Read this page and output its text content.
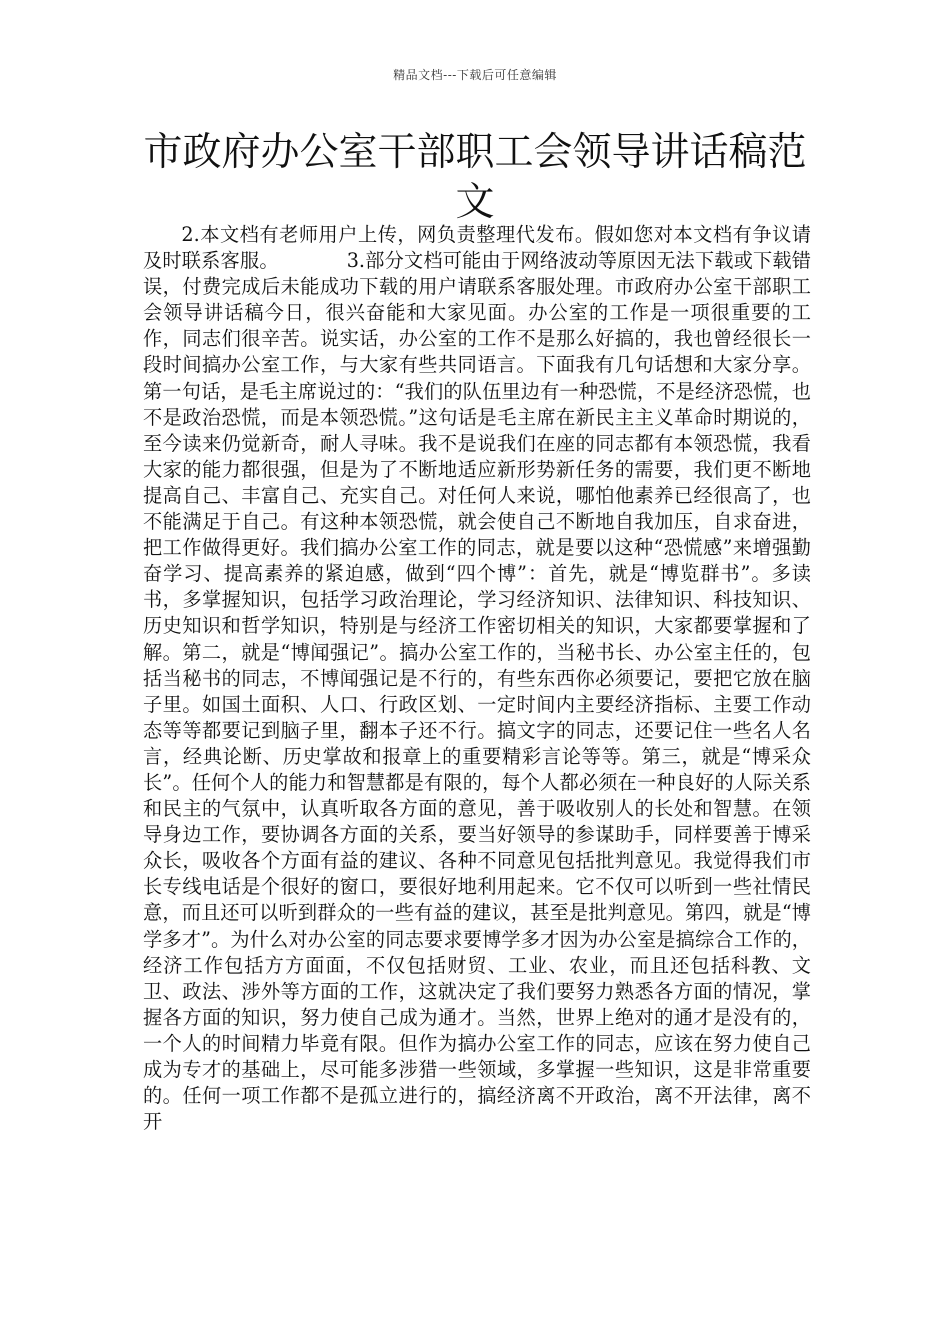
精品文档---下载后可任意编辑
市政府办公室干部职工会领导讲话稿范文

2.本文档有老师用户上传，网负责整理代发布。假如您对本文档有争议请及时联系客服。　　　　3.部分文档可能由于网络波动等原因无法下载或下载错误，付费完成后未能成功下载的用户请联系客服处理。市政府办公室干部职工会领导讲话稿今日，很兴奋能和大家见面。办公室的工作是一项很重要的工作，同志们很辛苦。说实话，办公室的工作不是那么好搞的，我也曾经很长一段时间搞办公室工作，与大家有些共同语言。下面我有几句话想和大家分享。第一句话，是毛主席说过的：“我们的队伍里边有一种恐慌，不是经济恐慌，也不是政治恐慌，而是本领恐慌。”这句话是毛主席在新民主主义革命时期说的，至今读来仍觉新奇，耐人寻味。我不是说我们在座的同志都有本领恐慌，我看大家的能力都很强，但是为了不断地适应新形势新任务的需要，我们更不断地提高自己、丰富自己、充实自己。对任何人来说，哪怕他素养已经很高了，也不能满足于自己。有这种本领恐慌，就会使自己不断地自我加压，自求奋进，把工作做得更好。我们搞办公室工作的同志，就是要以这种“恐慌感”来增强勤奋学习、提高素养的紧迫感，做到“四个博”：首先，就是“博览群书”。多读书，多掌握知识，包括学习政治理论，学习经济知识、法律知识、科技知识、历史知识和哲学知识，特别是与经济工作密切相关的知识，大家都要掌握和了解。第二，就是“博闻强记”。搞办公室工作的，当秘书长、办公室主任的，包括当秘书的同志，不博闻强记是不行的，有些东西你必须要记，要把它放在脑子里。如国土面积、人口、行政区划、一定时间内主要经济指标、主要工作动态等等都要记到脑子里，翻本子还不行。搞文字的同志，还要记住一些名人名言，经典论断、历史掌故和报章上的重要精彩言论等等。第三，就是“博采众长”。任何个人的能力和智慧都是有限的，每个人都必须在一种良好的人际关系和民主的气氛中，认真听取各方面的意见，善于吸收别人的长处和智慧。在领导身边工作，要协调各方面的关系，要当好领导的参谋助手，同样要善于博采众长，吸收各个方面有益的建议、各种不同意见包括批判意见。我觉得我们市长专线电话是个很好的窗口，要很好地利用起来。它不仅可以听到一些社情民意，而且还可以听到群众的一些有益的建议，甚至是批判意见。第四，就是“博学多才”。为什么对办公室的同志要求要博学多才因为办公室是搞综合工作的，经济工作包括方方面面，不仅包括财贸、工业、农业，而且还包括科教、文卫、政法、涉外等方面的工作，这就决定了我们要努力熟悉各方面的情况，掌握各方面的知识，努力使自己成为通才。当然，世界上绝对的通才是没有的，一个人的时间精力毕竟有限。但作为搞办公室工作的同志，应该在努力使自己成为专才的基础上，尽可能多涉猎一些领域，多掌握一些知识，这是非常重要的。任何一项工作都不是孤立进行的，搞经济离不开政治，离不开法律，离不开
